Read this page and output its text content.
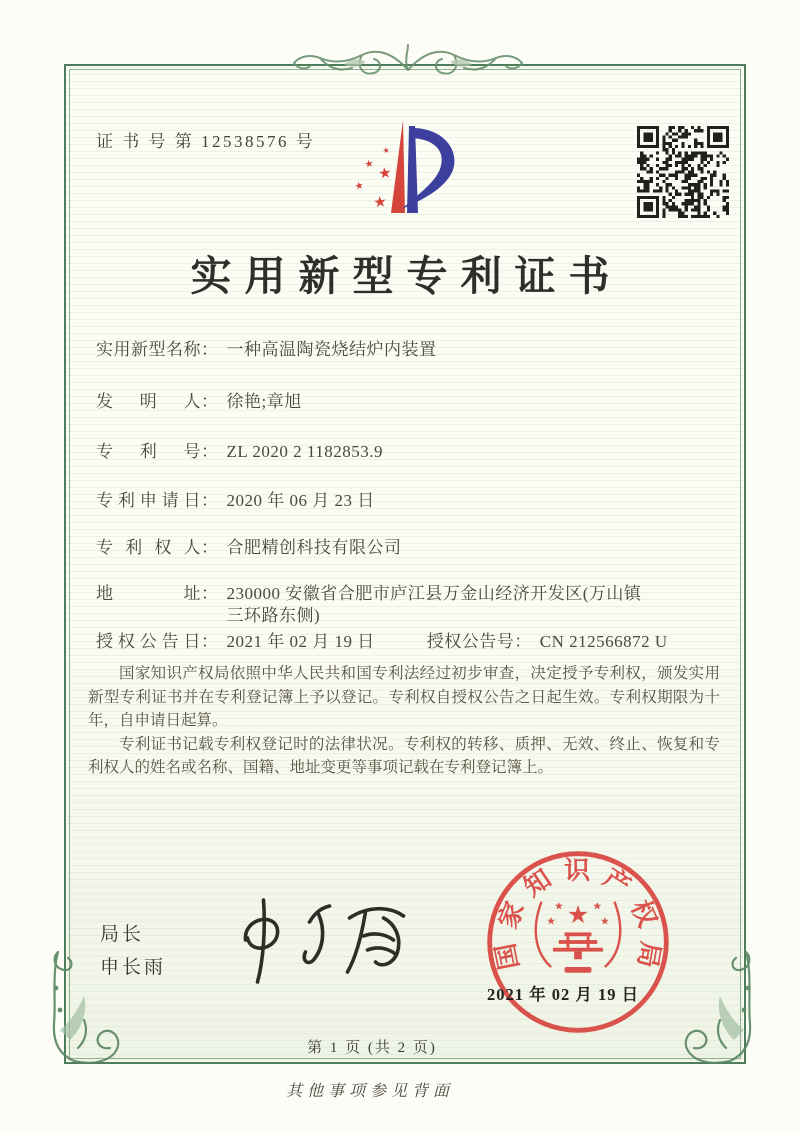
证 书 号 第 12538576 号	★
★ ★
★
★
实用新型专利证书
实用新型名称 ： 一种高温陶瓷烧结炉内装置
发明人 ： 徐艳;章旭
专利号 ： ZL 2020 2 1182853.9
专利申请日 ： 2020 年 06 月 23 日
专利权人 ： 合肥精创科技有限公司
地址 ： 230000 安徽省合肥市庐江县万金山经济开发区(万山镇三环路东侧)
授权公告日 ： 2021 年 02 月 19 日	授权公告号 ： CN 212566872 U

国家知识产权局依照中华人民共和国专利法经过初步审查，决定授予专利权，颁发实用新型专利证书并在专利登记簿上予以登记。专利权自授权公告之日起生效。专利权期限为十年，自申请日起算。

专利证书记载专利权登记时的法律状况。专利权的转移、质押、无效、终止、恢复和专利权人的姓名或名称、国籍、地址变更等事项记载在专利登记簿上。

局长
申长雨	国家知识产权局
★
★	★
★	★
2021 年 02 月 19 日
第 1 页 (共 2 页)
其他事项参见背面
